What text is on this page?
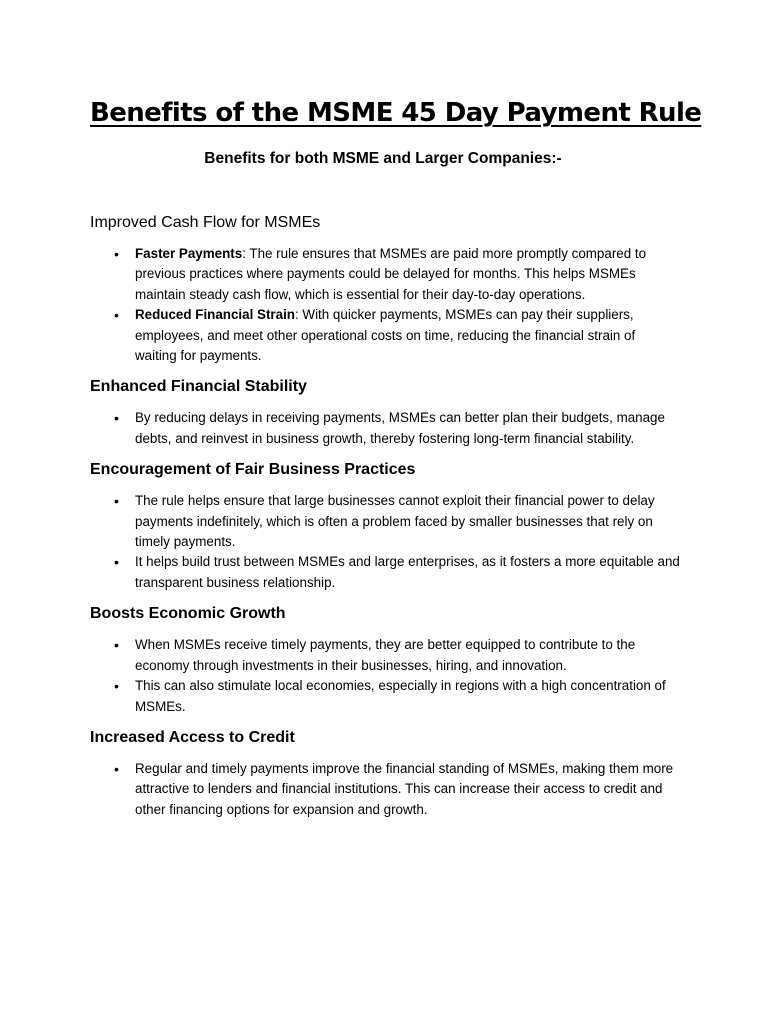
Benefits of the MSME 45 Day Payment Rule
Benefits for both MSME and Larger Companies:-
Improved Cash Flow for MSMEs
• Faster Payments: The rule ensures that MSMEs are paid more promptly compared to previous practices where payments could be delayed for months. This helps MSMEs maintain steady cash flow, which is essential for their day-to-day operations.
• Reduced Financial Strain: With quicker payments, MSMEs can pay their suppliers, employees, and meet other operational costs on time, reducing the financial strain of waiting for payments.
Enhanced Financial Stability
• By reducing delays in receiving payments, MSMEs can better plan their budgets, manage debts, and reinvest in business growth, thereby fostering long-term financial stability.
Encouragement of Fair Business Practices
• The rule helps ensure that large businesses cannot exploit their financial power to delay payments indefinitely, which is often a problem faced by smaller businesses that rely on timely payments.
• It helps build trust between MSMEs and large enterprises, as it fosters a more equitable and transparent business relationship.
Boosts Economic Growth
• When MSMEs receive timely payments, they are better equipped to contribute to the economy through investments in their businesses, hiring, and innovation.
• This can also stimulate local economies, especially in regions with a high concentration of MSMEs.
Increased Access to Credit
• Regular and timely payments improve the financial standing of MSMEs, making them more attractive to lenders and financial institutions. This can increase their access to credit and other financing options for expansion and growth.
